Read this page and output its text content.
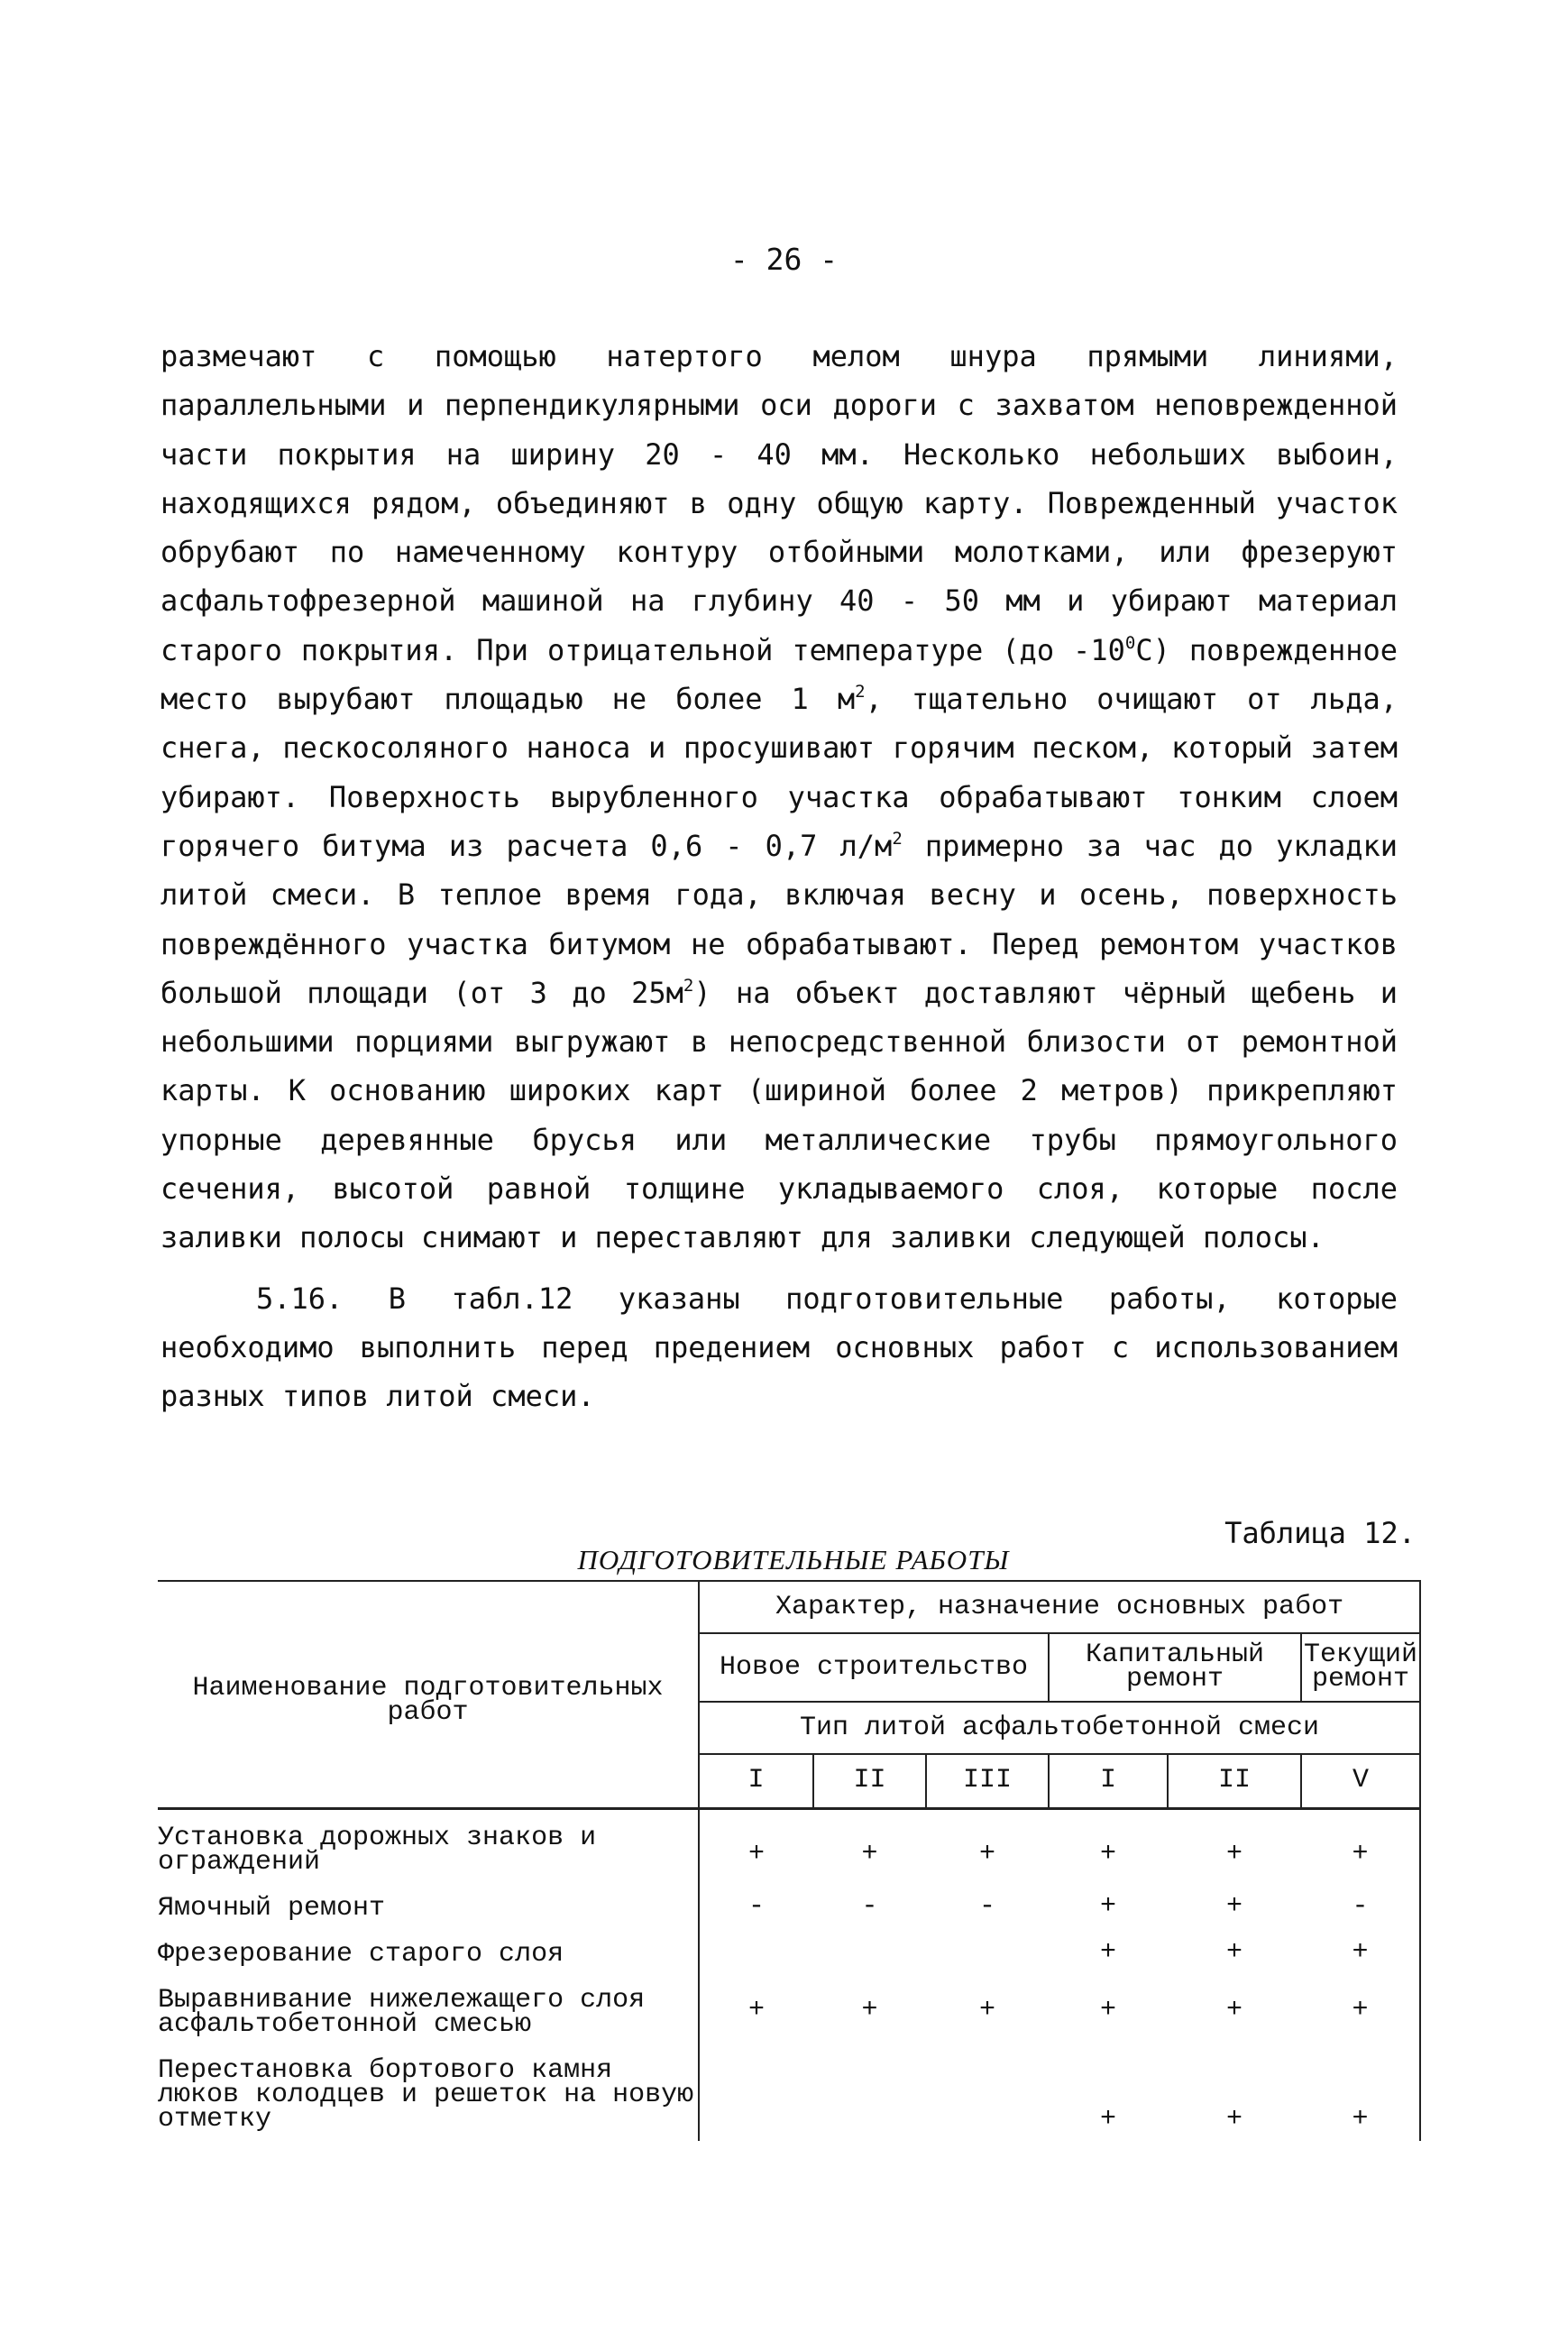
- 26 -

размечают с помощью натертого мелом шнура прямыми линиями, параллельными и перпендикулярными оси дороги с захватом неповрежденной части покрытия на ширину 20 - 40 мм. Несколько небольших выбоин, находящихся рядом, объединяют в одну общую карту. Поврежденный участок обрубают по намеченному контуру отбойными молотками, или фрезеруют асфальтофрезерной машиной на глубину 40 - 50 мм и убирают материал старого покрытия. При отрицательной температуре (до $-10^0C$) поврежденное место вырубают площадью не более 1 $м^2$, тщательно очищают от льда, снега, пескосоляного наноса и просушивают горячим песком, который затем убирают. Поверхность вырубленного участка обрабатывают тонким слоем горячего битума из расчета 0,6 - 0,7 $л/м^2$ примерно за час до укладки литой смеси. В теплое время года, включая весну и осень, поверхность повреждённого участка битумом не обрабатывают. Перед ремонтом участков большой площади (от 3 до $25м^2$) на объект доставляют чёрный щебень и небольшими порциями выгружают в непосредственной близости от ремонтной карты. К основанию широких карт (шириной более 2 метров) прикрепляют упорные деревянные брусья или металлические трубы прямоугольного сечения, высотой равной толщине укладываемого слоя, которые после заливки полосы снимают и переставляют для заливки следующей полосы.

5.16. В табл.12 указаны подготовительные работы, которые необходимо выполнить перед предением основных работ с использованием разных типов литой смеси.

Таблица 12.
ПОДГОТОВИТЕЛЬНЫЕ РАБОТЫ
Наименование подготовительных работ	Характер, назначение основных работ					
	Новое строительство			Капитальный ремонт		Текущий ремонт
	Тип литой асфальтобетонной смеси					
	I	II	III	I	II	V
Установка дорожных знаков и ограждений	+	+	+	+	+	+
Ямочный ремонт	-	-	-	+	+	-
Фрезерование старого слоя				+	+	+
Выравнивание нижележащего слоя асфальтобетонной смесью	+	+	+	+	+	+
Перестановка бортового камня люков колодцев и решеток на новую отметку				+	+	+
